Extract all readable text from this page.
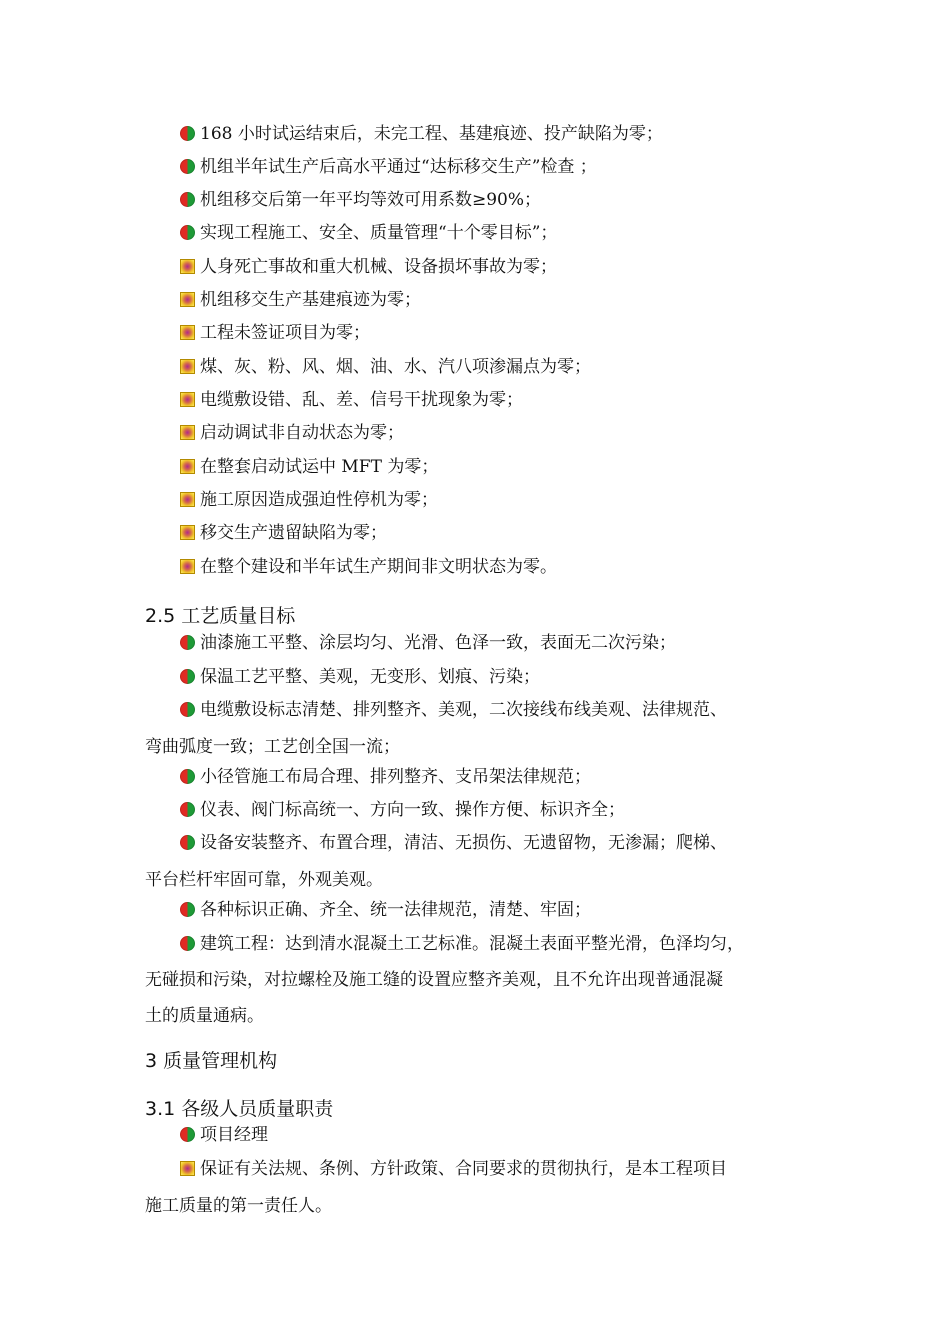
168 小时试运结束后，未完工程、基建痕迹、投产缺陷为零；
机组半年试生产后高水平通过“达标移交生产”检查 ；
机组移交后第一年平均等效可用系数≥90%；
实现工程施工、安全、质量管理“十个零目标”；
人身死亡事故和重大机械、设备损坏事故为零；
机组移交生产基建痕迹为零；
工程未签证项目为零；
煤、灰、粉、风、烟、油、水、汽八项渗漏点为零；
电缆敷设错、乱、差、信号干扰现象为零；
启动调试非自动状态为零；
在整套启动试运中 MFT 为零；
施工原因造成强迫性停机为零；
移交生产遗留缺陷为零；
在整个建设和半年试生产期间非文明状态为零。
2.5 工艺质量目标
油漆施工平整、涂层均匀、光滑、色泽一致，表面无二次污染；
保温工艺平整、美观，无变形、划痕、污染；
电缆敷设标志清楚、排列整齐、美观，二次接线布线美观、法律规范、
弯曲弧度一致；工艺创全国一流；
小径管施工布局合理、排列整齐、支吊架法律规范；
仪表、阀门标高统一、方向一致、操作方便、标识齐全；
设备安装整齐、布置合理，清洁、无损伤、无遗留物，无渗漏；爬梯、
平台栏杆牢固可靠，外观美观。
各种标识正确、齐全、统一法律规范，清楚、牢固；
建筑工程：达到清水混凝土工艺标准。混凝土表面平整光滑，色泽均匀，
无碰损和污染，对拉螺栓及施工缝的设置应整齐美观，且不允许出现普通混凝
土的质量通病。
3 质量管理机构
3.1 各级人员质量职责
项目经理
保证有关法规、条例、方针政策、合同要求的贯彻执行，是本工程项目
施工质量的第一责任人。
